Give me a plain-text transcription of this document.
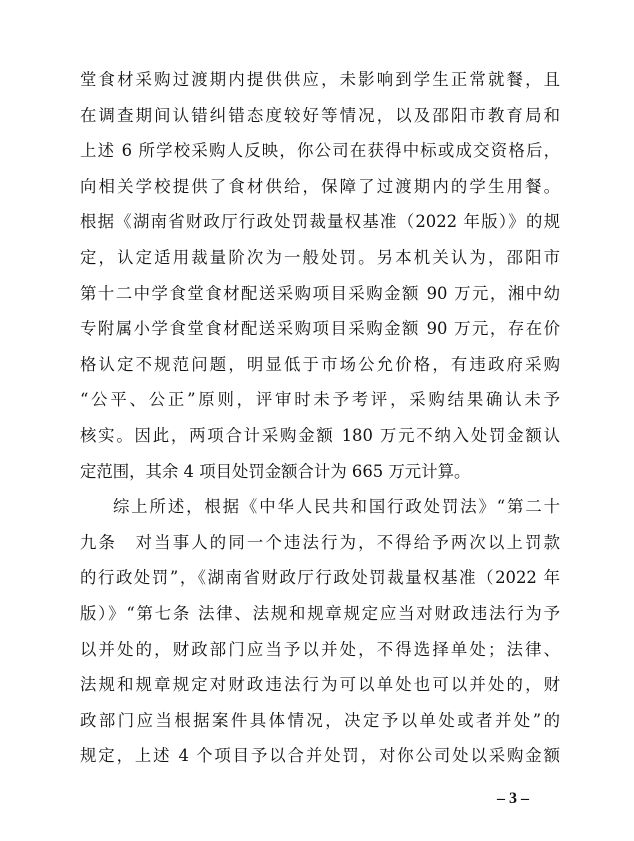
堂食材采购过渡期内提供供应，未影响到学生正常就餐，且
在调查期间认错纠错态度较好等情况，以及邵阳市教育局和
上述 6 所学校采购人反映，你公司在获得中标或成交资格后，
向相关学校提供了食材供给，保障了过渡期内的学生用餐。
根据《湖南省财政厅行政处罚裁量权基准（2022 年版）》的规
定，认定适用裁量阶次为一般处罚。另本机关认为，邵阳市
第十二中学食堂食材配送采购项目采购金额 90 万元，湘中幼
专附属小学食堂食材配送采购项目采购金额 90 万元，存在价
格认定不规范问题，明显低于市场公允价格，有违政府采购
“公平、公正”原则，评审时未予考评，采购结果确认未予
核实。因此，两项合计采购金额 180 万元不纳入处罚金额认
定范围，其余 4 项目处罚金额合计为 665 万元计算。
综上所述，根据《中华人民共和国行政处罚法》“第二十
九条　对当事人的同一个违法行为，不得给予两次以上罚款
的行政处罚”，《湖南省财政厅行政处罚裁量权基准（2022 年
版）》“第七条 法律、法规和规章规定应当对财政违法行为予
以并处的，财政部门应当予以并处，不得选择单处；法律、
法规和规章规定对财政违法行为可以单处也可以并处的，财
政部门应当根据案件具体情况，决定予以单处或者并处”的
规定，上述 4 个项目予以合并处罚，对你公司处以采购金额
– 3 –
